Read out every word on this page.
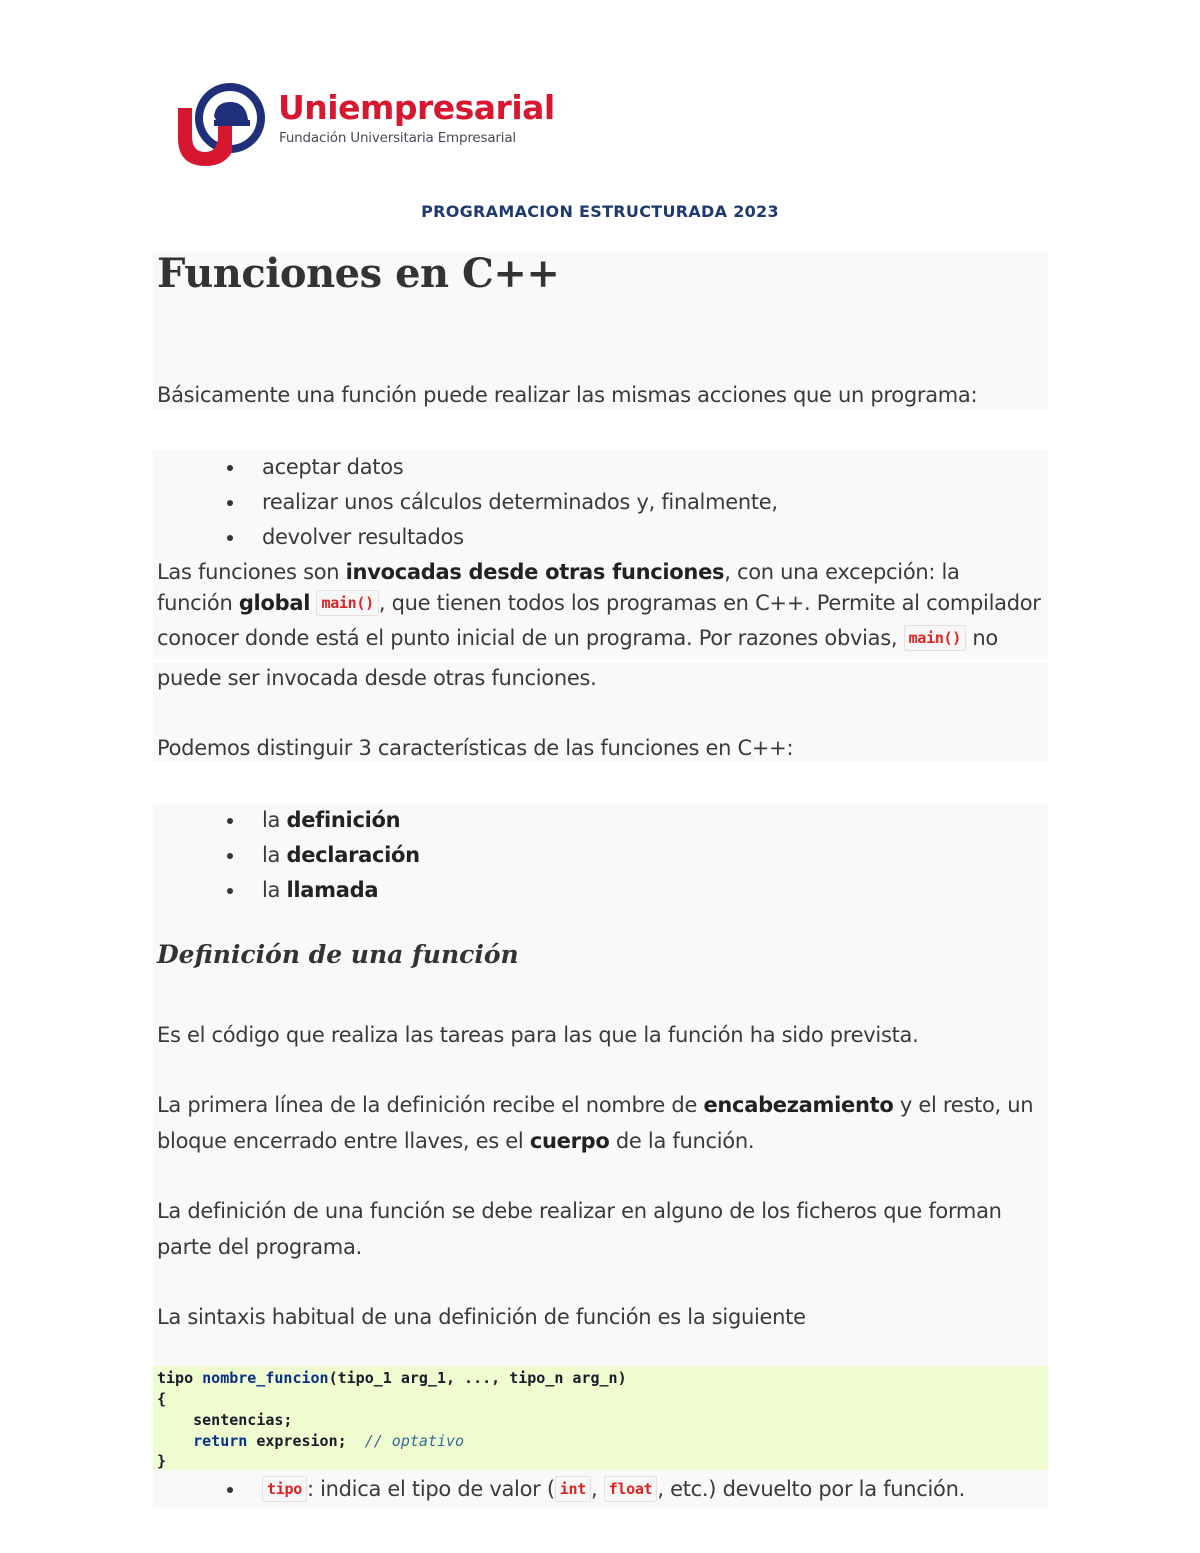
Uniempresarial
Fundación Universitaria Empresarial
PROGRAMACION ESTRUCTURADA 2023
Funciones en C++
Básicamente una función puede realizar las mismas acciones que un programa:
aceptar datos
realizar unos cálculos determinados y, finalmente,
devolver resultados
Las funciones son invocadas desde otras funciones, con una excepción: la
función global main() , que tienen todos los programas en C++. Permite al compilador
conocer donde está el punto inicial de un programa. Por razones obvias, main() no
puede ser invocada desde otras funciones.
Podemos distinguir 3 características de las funciones en C++:
la definición
la declaración
la llamada
Definición de una función
Es el código que realiza las tareas para las que la función ha sido prevista.
La primera línea de la definición recibe el nombre de encabezamiento y el resto, un
bloque encerrado entre llaves, es el cuerpo de la función.
La definición de una función se debe realizar en alguno de los ficheros que forman
parte del programa.
La sintaxis habitual de una definición de función es la siguiente
tipo nombre_funcion(tipo_1 arg_1, ..., tipo_n arg_n)
{
sentencias;
return expresion;  // optativo
}
tipo : indica el tipo de valor ( int , float , etc.) devuelto por la función.
